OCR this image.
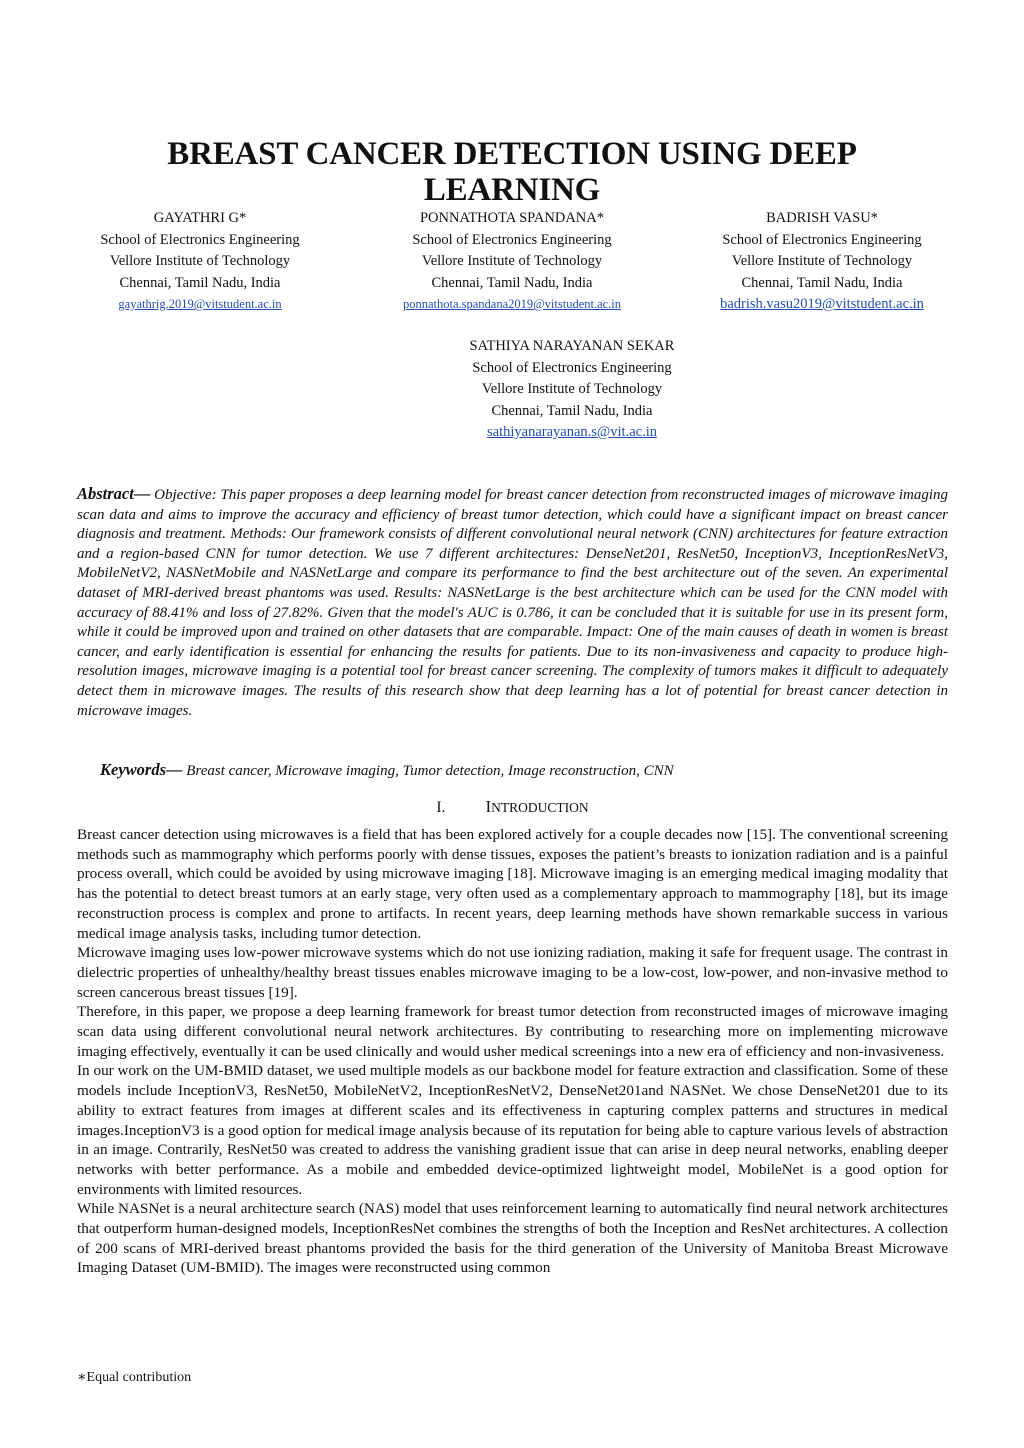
BREAST CANCER DETECTION USING DEEP LEARNING
GAYATHRI G*
School of Electronics Engineering
Vellore Institute of Technology
Chennai, Tamil Nadu, India
gayathrig.2019@vitstudent.ac.in
PONNATHOTA SPANDANA*
School of Electronics Engineering
Vellore Institute of Technology
Chennai, Tamil Nadu, India
ponnathota.spandana2019@vitstudent.ac.in
BADRISH VASU*
School of Electronics Engineering
Vellore Institute of Technology
Chennai, Tamil Nadu, India
badrish.vasu2019@vitstudent.ac.in
SATHIYA NARAYANAN SEKAR
School of Electronics Engineering
Vellore Institute of Technology
Chennai, Tamil Nadu, India
sathiyanarayanan.s@vit.ac.in
Abstract— Objective: This paper proposes a deep learning model for breast cancer detection from reconstructed images of microwave imaging scan data and aims to improve the accuracy and efficiency of breast tumor detection, which could have a significant impact on breast cancer diagnosis and treatment. Methods: Our framework consists of different convolutional neural network (CNN) architectures for feature extraction and a region-based CNN for tumor detection. We use 7 different architectures: DenseNet201, ResNet50, InceptionV3, InceptionResNetV3, MobileNetV2, NASNetMobile and NASNetLarge and compare its performance to find the best architecture out of the seven. An experimental dataset of MRI-derived breast phantoms was used. Results: NASNetLarge is the best architecture which can be used for the CNN model with accuracy of 88.41% and loss of 27.82%. Given that the model's AUC is 0.786, it can be concluded that it is suitable for use in its present form, while it could be improved upon and trained on other datasets that are comparable. Impact: One of the main causes of death in women is breast cancer, and early identification is essential for enhancing the results for patients. Due to its non-invasiveness and capacity to produce high-resolution images, microwave imaging is a potential tool for breast cancer screening. The complexity of tumors makes it difficult to adequately detect them in microwave images. The results of this research show that deep learning has a lot of potential for breast cancer detection in microwave images.
Keywords— Breast cancer, Microwave imaging, Tumor detection, Image reconstruction, CNN
I. INTRODUCTION

Breast cancer detection using microwaves is a field that has been explored actively for a couple decades now [15]. The conventional screening methods such as mammography which performs poorly with dense tissues, exposes the patient’s breasts to ionization radiation and is a painful process overall, which could be avoided by using microwave imaging [18]. Microwave imaging is an emerging medical imaging modality that has the potential to detect breast tumors at an early stage, very often used as a complementary approach to mammography [18], but its image reconstruction process is complex and prone to artifacts. In recent years, deep learning methods have shown remarkable success in various medical image analysis tasks, including tumor detection.

Microwave imaging uses low-power microwave systems which do not use ionizing radiation, making it safe for frequent usage. The contrast in dielectric properties of unhealthy/healthy breast tissues enables microwave imaging to be a low-cost, low-power, and non-invasive method to screen cancerous breast tissues [19].

Therefore, in this paper, we propose a deep learning framework for breast tumor detection from reconstructed images of microwave imaging scan data using different convolutional neural network architectures. By contributing to researching more on implementing microwave imaging effectively, eventually it can be used clinically and would usher medical screenings into a new era of efficiency and non-invasiveness.

In our work on the UM-BMID dataset, we used multiple models as our backbone model for feature extraction and classification. Some of these models include InceptionV3, ResNet50, MobileNetV2, InceptionResNetV2, DenseNet201and NASNet. We chose DenseNet201 due to its ability to extract features from images at different scales and its effectiveness in capturing complex patterns and structures in medical images.InceptionV3 is a good option for medical image analysis because of its reputation for being able to capture various levels of abstraction in an image. Contrarily, ResNet50 was created to address the vanishing gradient issue that can arise in deep neural networks, enabling deeper networks with better performance. As a mobile and embedded device-optimized lightweight model, MobileNet is a good option for environments with limited resources.

While NASNet is a neural architecture search (NAS) model that uses reinforcement learning to automatically find neural network architectures that outperform human-designed models, InceptionResNet combines the strengths of both the Inception and ResNet architectures. A collection of 200 scans of MRI-derived breast phantoms provided the basis for the third generation of the University of Manitoba Breast Microwave Imaging Dataset (UM-BMID). The images were reconstructed using common

∗Equal contribution
